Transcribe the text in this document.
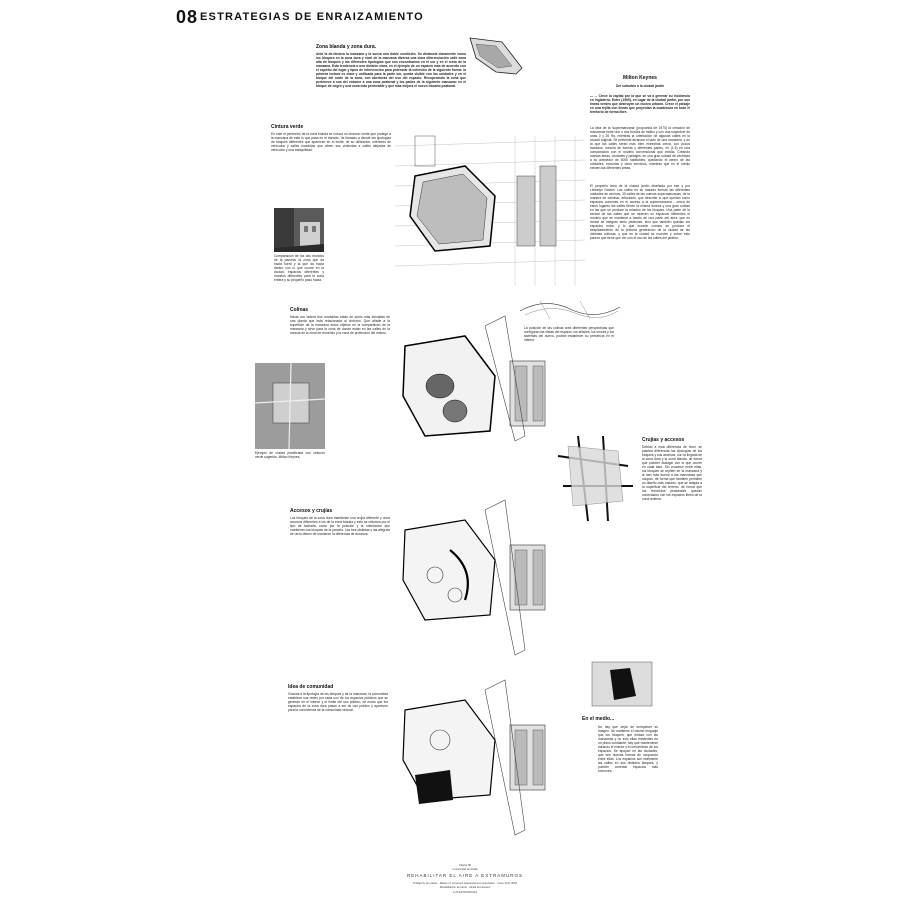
08 ESTRATEGIAS DE ENRAIZAMIENTO
Zona blanda y zona dura.
Ante la de-fensiva la manzana y la sueva una doble condición. Se distancia claramente como los bloques en la zona dura y nivel de la manzana diversa una clara diferenciación calle zona alta de bloques y las diferentes tipologías que nos encontramos en el sur y en el resto de la manzana. Esta tendencia a una división clara, en el ejemplo de un espacio más de acuerdo con el espíritu del lugar y tipos de intervención para potenciar la cohesión de la siguiente forma: la primera lectura es clara y unificada para la parte sur, queda visible con las unidades y en el bloque del norte de la zona, con aberturas del uso del espacio. Recuperando la zona que pertenece a sus del entorno a una zona peatonal y los patios de la siguiente manzana: en el bloque de negro y una zona más permeable y que más mejora el nuevo tránsito peatonal.
Cintura verde
En este el perímetro de la zona blanda se coloca un cinturón verde que protege a la manzana de este lo que pasa en el tránsito. Va llamado a decidir las tipologías de bloques diferentes que aparecen en el límite, de su utilización, interiores de vehículos y calles invadidas que abren sus viviendas a calles alejadas de vehículos y una tranquilidad.
Milton Keynes
Del suburbio a la ciudad jardín
— ... Crece la capital por la que se va a generar su incidencia en Inglaterra. Entre (1969), en lugar de la ciudad jardín, por sus líneas verdes que destruyen un núcleo urbano. Crece el paisaje en una rejilla con líneas que proyectan la cuadrícula en todo el territorio de forma libre.
La idea de la 'supermanzana' (propuesta de 1970) la creación de manzanas entre uno o dos bordes de tráfico y con una superficie de unas 0 y 25 Ha, mientras la orientación de algunas calles en la ciudad original. Se pretende alcanzar el lado de una manzana, y en la que las calles serán más bien estrechas cerca, con pocos trazados, mezcla de formas y diferentes partes, en (1.5) en una comparación con el modelo convencional que existía. Creando nuevas áreas, ciudades y paisajes, en una gran unidad de vecindad a su alrededor de 5000 habitantes, quedando el centro de las unidades, escuelas y otros servicios, mientras que en el medio existen las diferentes áreas.
El pequeño área de la ciudad jardín diseñada por ese y por Llewelyn Davies. Las calles en su trazado forman las diferentes unidades de vecinos, 30 calles de las nuevas supermanzanas, de la manera de caminar, articulado, que describe lo que quedan como espacios comunes en el acceso a la supermanzana - cerca de estos lugares las calles tienen la misma dureza y una gran unidad en las que se produce la relación de los bloques. Una parte de la ciudad de las calles que se mueven en espacios diferentes el modelo que se mantiene a través de una parte del área, que es donde se integran tanto peatones, sino que también quedan los espacios entre, y lo que sucede cuando se produce el desplazamiento de la primera generación de la ciudad de las distintas culturas, y que en la ciudad se mueven y sobre esto parece que tiene que ver con el uso de las calles del peatón.
Comparación de los dos mundos de la parcela: la zona que da hacia fuera y la que da hacia dentro con lo que ocurre en la ciudad, espacios diferentes y mundos diferentes para la zona entera y su pequeño paso hacia.
Colinas
Hacia con ladera dos montañas están en suelo más elevadas de una planta que está relacionada al cinturón. Que añade a la superficie de la manzana estos objetos en la compartición de la manzana y sirve para la zona de donde están en las calles de la mezcla de la zona de recorrido y la zona de protección del mismo.
La posición de las colinas crea diferentes perspectivas que configuran las vistas del espacio: los árboles, los cruces y los sistemas del nuevo, podrán establecer su presencia en el interior.
Ejemplo de ciudad planificada con cinturón verde sugerido. Milton Keynes.
Crujías y accesos
Debido a esta diferencia de nivel, se plantea diferenciar las tipologías de los bloques y sus accesos, con la llegada de la zona dura y la zona blanda, de forma que pueden dialogar con lo que ocurre en cada lado. Sin cruzarse entre ellas, los bloques se repiten en la manzana y le dan más fuerza a las manzanas que ocupan, de forma que también permiten un diseño más variado, que se adapta a la superficie del terreno, de forma que los recorridos peatonales quedan conectados con los espacios libres de la zona anterior.
Accesos y crujías
Los bloques de la zona dura mantienen una crujía diferente y unos accesos diferentes a los de la zona blanda y esto se refuerza por el tipo de fachada, como por la posición y la orientación que mantienen los bloques de la parcela. Las tres distintas y las alegrías de unos deben de mantener la diferencia de accesos.
Idea de comunidad
Gracias a la tipología de los bloques y de la manzana, la comunidad establece sus redes por cada uno de los espacios públicos que se generan en el interior y el límite del uso público, de modo que los espacios de la zona dura pasan a ser de uso público y aparecen para la convivencia de la comunidad vecinal.
En el medio...
No hay que dejar de enriquecer su imagen. Se mantiene el mismo lenguaje que los bloques, que enlaza con las manzanas y no solo ellas existentes en un plano constante; hay que mantenerse mirando el interior y el crecimiento de los espacios. Se apoyan en las ciudades, que ven nuevas formas de ocupación entre ellas. Los espacios son realmente las calles en sus distintos bloques, y pueden conectar espacios más comunes.
Página 08
Universidad de Alcalá
REHABILITAR EL AIRE A EXTRAMUROS
Trabajo fin de máster · Máster en proyectos arquitectónicos avanzados · Curso 2017-2018
Rehabilitación de barrio · Alcalá de Henares
A-25 ESTRATEGIAS
